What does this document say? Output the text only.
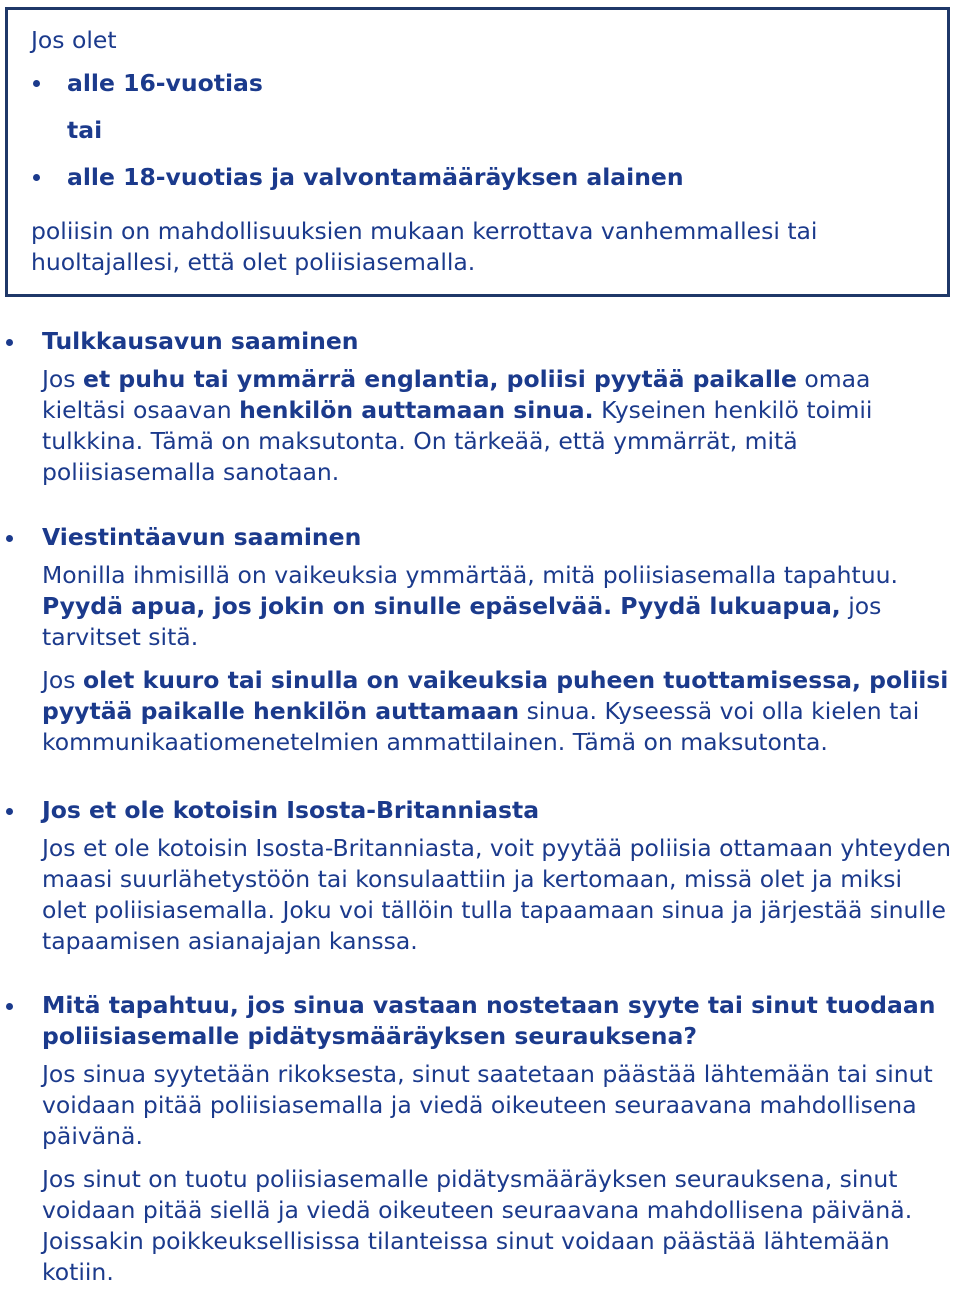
Jos olet

alle 16-vuotias
tai
alle 18-vuotias ja valvontamääräyksen alainen

poliisin on mahdollisuuksien mukaan kerrottava vanhemmallesi tai huoltajallesi, että olet poliisiasemalla.

Tulkkausavun saaminen

Jos et puhu tai ymmärrä englantia, poliisi pyytää paikalle omaa kieltäsi osaavan henkilön auttamaan sinua. Kyseinen henkilö toimii tulkkina. Tämä on maksutonta. On tärkeää, että ymmärrät, mitä poliisiasemalla sanotaan.

Viestintäavun saaminen

Monilla ihmisillä on vaikeuksia ymmärtää, mitä poliisiasemalla tapahtuu. Pyydä apua, jos jokin on sinulle epäselvää. Pyydä lukuapua, jos tarvitset sitä.

Jos olet kuuro tai sinulla on vaikeuksia puheen tuottamisessa, poliisi pyytää paikalle henkilön auttamaan sinua. Kyseessä voi olla kielen tai kommunikaatiomenetelmien ammattilainen. Tämä on maksutonta.

Jos et ole kotoisin Isosta-Britanniasta

Jos et ole kotoisin Isosta-Britanniasta, voit pyytää poliisia ottamaan yhteyden maasi suurlähetystöön tai konsulaattiin ja kertomaan, missä olet ja miksi olet poliisiasemalla. Joku voi tällöin tulla tapaamaan sinua ja järjestää sinulle tapaamisen asianajajan kanssa.

Mitä tapahtuu, jos sinua vastaan nostetaan syyte tai sinut tuodaan poliisiasemalle pidätysmääräyksen seurauksena?

Jos sinua syytetään rikoksesta, sinut saatetaan päästää lähtemään tai sinut voidaan pitää poliisiasemalla ja viedä oikeuteen seuraavana mahdollisena päivänä.

Jos sinut on tuotu poliisiasemalle pidätysmääräyksen seurauksena, sinut voidaan pitää siellä ja viedä oikeuteen seuraavana mahdollisena päivänä. Joissakin poikkeuksellisissa tilanteissa sinut voidaan päästää lähtemään kotiin.
